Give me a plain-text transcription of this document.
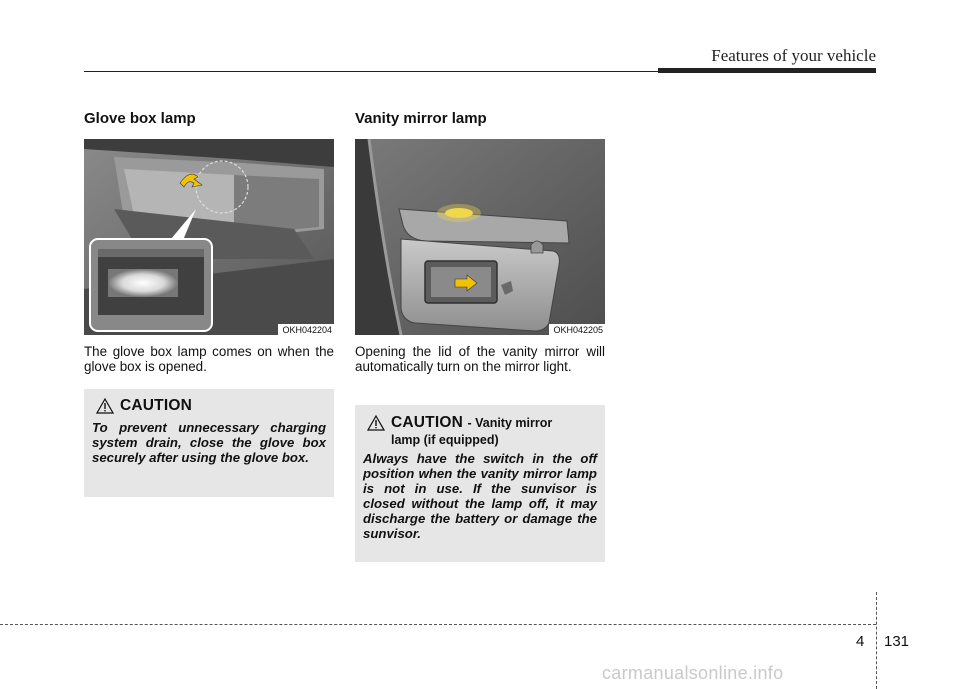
Features of your vehicle
Glove box lamp
OKH042204

The glove box lamp comes on when the glove box is opened.

CAUTION

To prevent unnecessary charging system drain, close the glove box securely after using the glove box.

Vanity mirror lamp
OKH042205

Opening the lid of the vanity mirror will automatically turn on the mirror light.

CAUTION - Vanity mirror
lamp (if equipped)

Always have the switch in the off position when the vanity mirror lamp is not in use. If the sunvisor is closed without the lamp off, it may discharge the battery or damage the sunvisor.

4 131
carmanualsonline.info
